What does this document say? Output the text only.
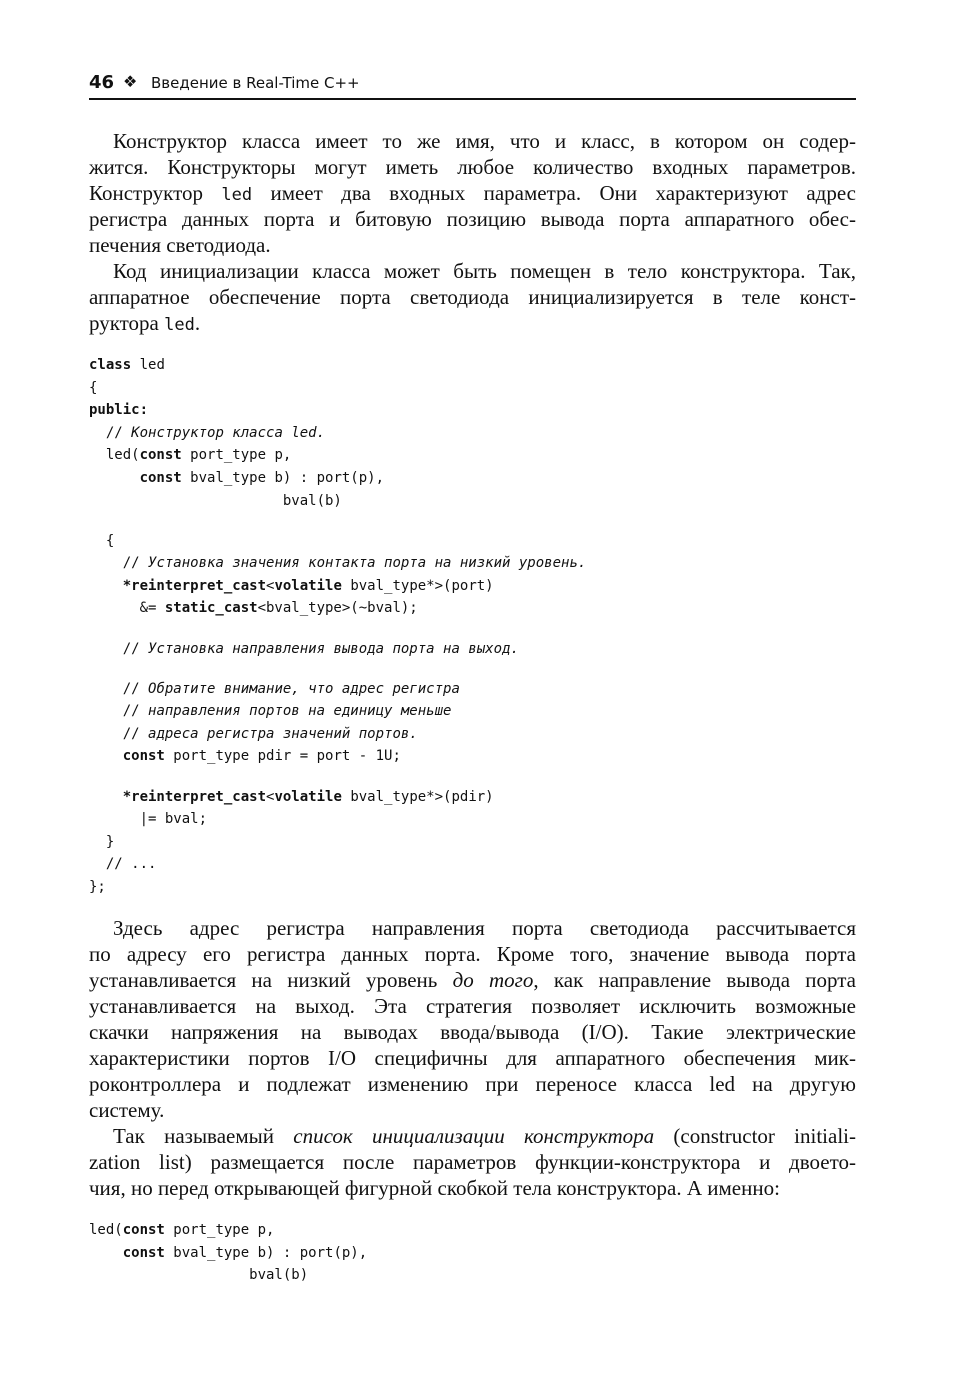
46 ❖ Введение в Real-Time C++
Конструктор класса имеет то же имя, что и класс, в котором он содер-
жится. Конструкторы могут иметь любое количество входных параметров.
Конструктор led имеет два входных параметра. Они характеризуют адрес
регистра данных порта и битовую позицию вывода порта аппаратного обес-
печения светодиода.
Код инициализации класса может быть помещен в тело конструктора. Так,
аппаратное обеспечение порта светодиода инициализируется в теле конст-
руктора led.
class led
{
public:
// Конструктор класса led.
led(const port_type p,
const bval_type b) : port(p),
bval(b)
{
// Установка значения контакта порта на низкий уровень.
*reinterpret_cast<volatile bval_type*>(port)
&= static_cast<bval_type>(~bval);
// Установка направления вывода порта на выход.
// Обратите внимание, что адрес регистра
// направления портов на единицу меньше
// адреса регистра значений портов.
const port_type pdir = port - 1U;
*reinterpret_cast<volatile bval_type*>(pdir)
|= bval;
}
// ...
};
Здесь адрес регистра направления порта светодиода рассчитывается
по адресу его регистра данных порта. Кроме того, значение вывода порта
устанавливается на низкий уровень до того, как направление вывода порта
устанавливается на выход. Эта стратегия позволяет исключить возможные
скачки напряжения на выводах ввода/вывода (I/O). Такие электрические
характеристики портов I/O специфичны для аппаратного обеспечения мик-
роконтроллера и подлежат изменению при переносе класса led на другую
систему.
Так называемый список инициализации конструктора (constructor initiali-
zation list) размещается после параметров функции-конструктора и двоето-
чия, но перед открывающей фигурной скобкой тела конструктора. А именно:
led(const port_type p,
const bval_type b) : port(p),
bval(b)
